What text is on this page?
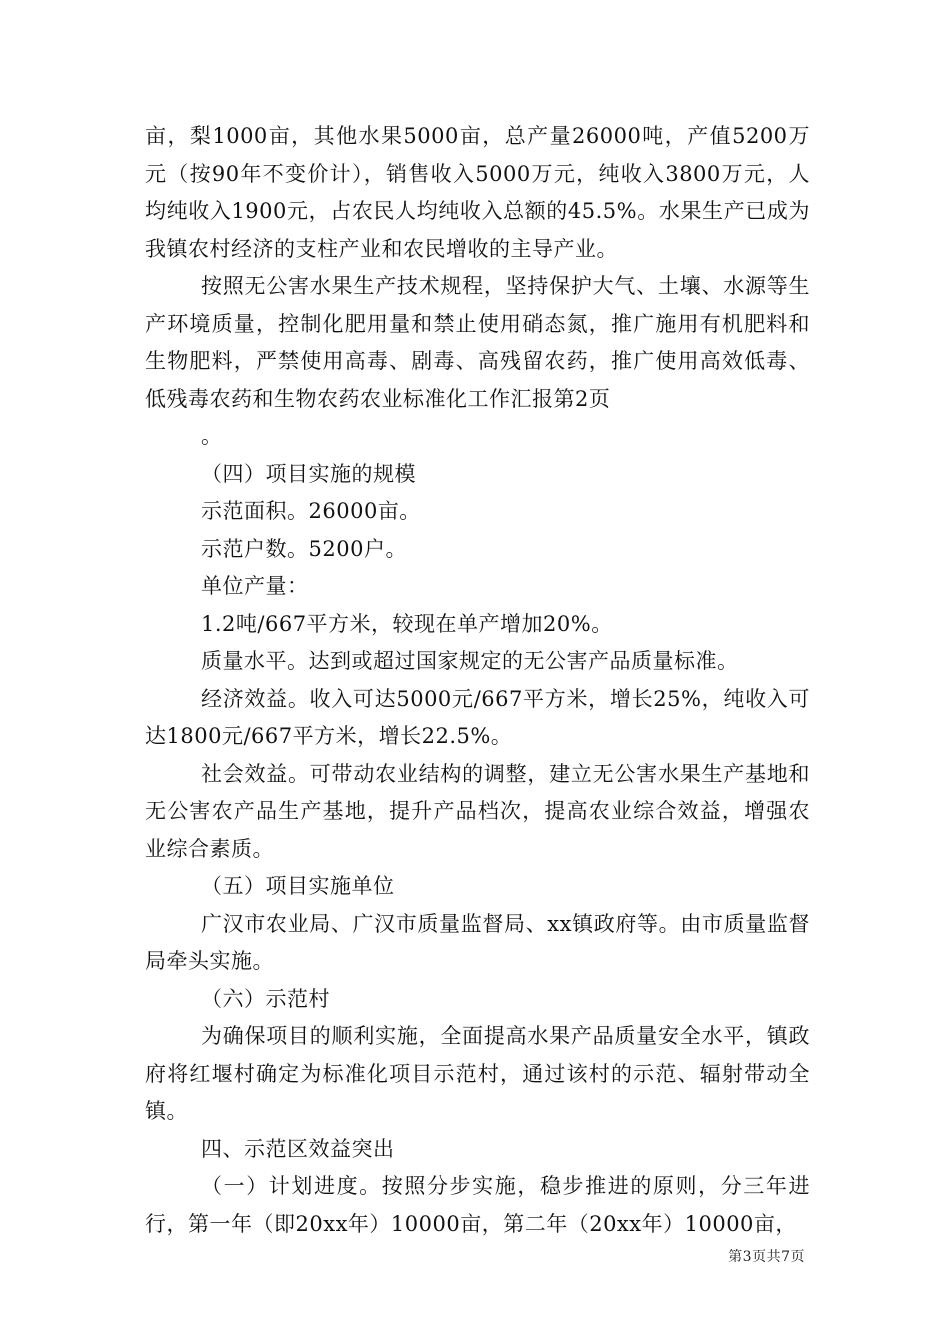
亩，梨1000亩，其他水果5000亩，总产量26000吨，产值5200万元（按90年不变价计），销售收入5000万元，纯收入3800万元，人均纯收入1900元，占农民人均纯收入总额的45.5%。水果生产已成为我镇农村经济的支柱产业和农民增收的主导产业。

按照无公害水果生产技术规程，坚持保护大气、土壤、水源等生产环境质量，控制化肥用量和禁止使用硝态氮，推广施用有机肥料和生物肥料，严禁使用高毒、剧毒、高残留农药，推广使用高效低毒、低残毒农药和生物农药农业标准化工作汇报第2页

。

（四）项目实施的规模

示范面积。26000亩。

示范户数。5200户。

单位产量：

1.2吨/667平方米，较现在单产增加20%。

质量水平。达到或超过国家规定的无公害产品质量标准。

经济效益。收入可达5000元/667平方米，增长25%，纯收入可达1800元/667平方米，增长22.5%。

社会效益。可带动农业结构的调整，建立无公害水果生产基地和无公害农产品生产基地，提升产品档次，提高农业综合效益，增强农业综合素质。

（五）项目实施单位

广汉市农业局、广汉市质量监督局、xx镇政府等。由市质量监督局牵头实施。

（六）示范村

为确保项目的顺利实施，全面提高水果产品质量安全水平，镇政府将红堰村确定为标准化项目示范村，通过该村的示范、辐射带动全镇。

四、示范区效益突出

（一）计划进度。按照分步实施，稳步推进的原则，分三年进行，第一年（即20xx年）10000亩，第二年（20xx年）10000亩，

第3页共7页
